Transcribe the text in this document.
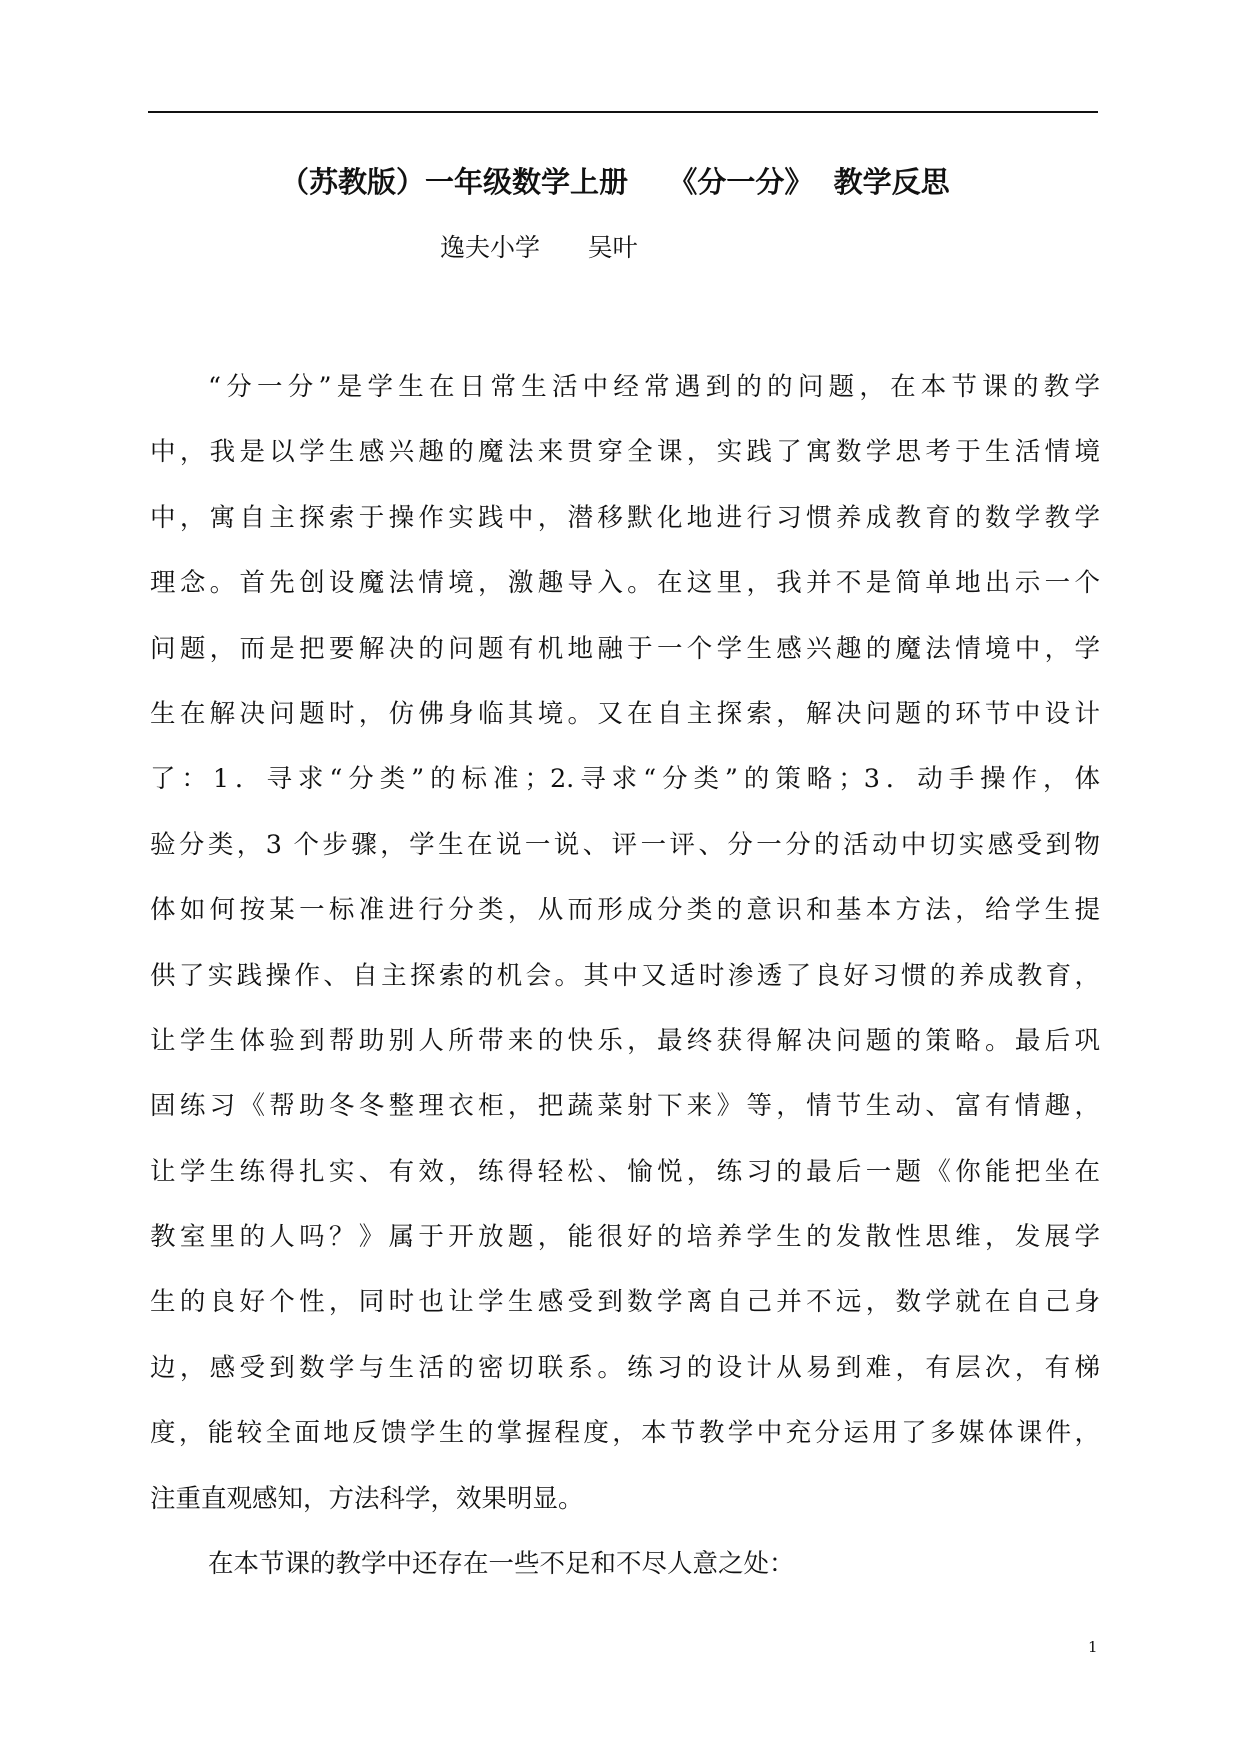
（苏教版）一年级数学上册    《分一分》  教学反思

逸夫小学      吴叶

“分一分”是学生在日常生活中经常遇到的的问题，在本节课的教学
中，我是以学生感兴趣的魔法来贯穿全课，实践了寓数学思考于生活情境
中，寓自主探索于操作实践中，潜移默化地进行习惯养成教育的数学教学
理念。首先创设魔法情境，激趣导入。在这里，我并不是简单地出示一个
问题，而是把要解决的问题有机地融于一个学生感兴趣的魔法情境中，学
生在解决问题时，仿佛身临其境。又在自主探索，解决问题的环节中设计
了：1．寻求“分类”的标准；2.寻求“分类”的策略；3．动手操作，体
验分类，3 个步骤，学生在说一说、评一评、分一分的活动中切实感受到物
体如何按某一标准进行分类，从而形成分类的意识和基本方法，给学生提
供了实践操作、自主探索的机会。其中又适时渗透了良好习惯的养成教育，
让学生体验到帮助别人所带来的快乐，最终获得解决问题的策略。最后巩
固练习《帮助冬冬整理衣柜，把蔬菜射下来》等，情节生动、富有情趣，
让学生练得扎实、有效，练得轻松、愉悦，练习的最后一题《你能把坐在
教室里的人吗？》属于开放题，能很好的培养学生的发散性思维，发展学
生的良好个性，同时也让学生感受到数学离自己并不远，数学就在自己身
边，感受到数学与生活的密切联系。练习的设计从易到难，有层次，有梯
度，能较全面地反馈学生的掌握程度，本节教学中充分运用了多媒体课件，
注重直观感知，方法科学，效果明显。
在本节课的教学中还存在一些不足和不尽人意之处：
1
